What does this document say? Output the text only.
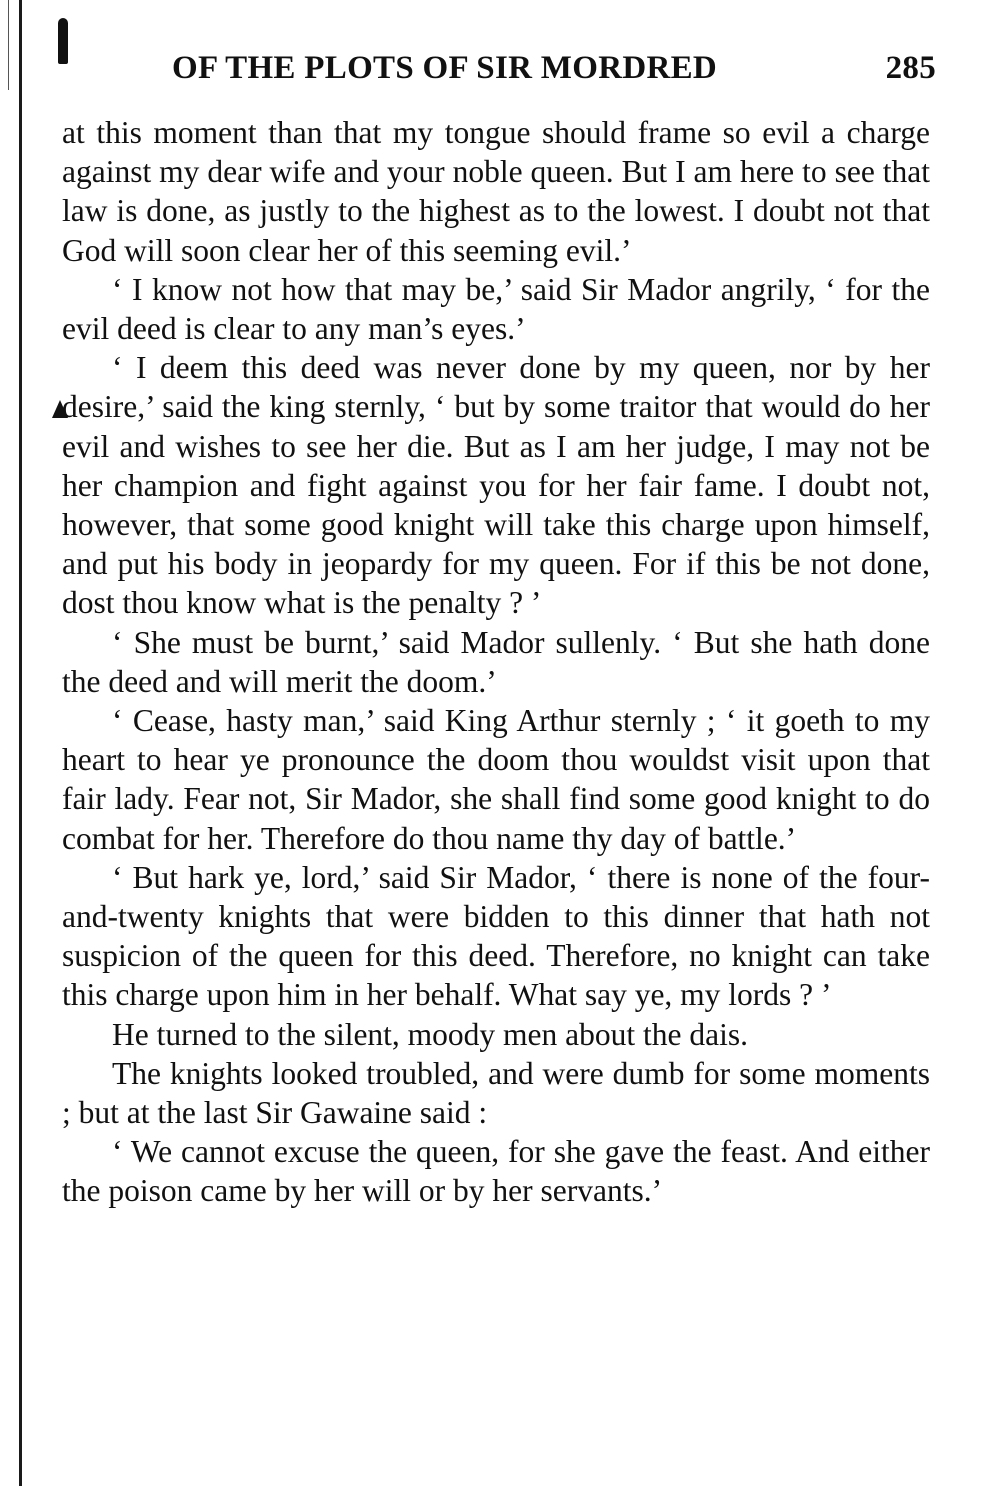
OF THE PLOTS OF SIR MORDRED	285

at this moment than that my tongue should frame so evil a charge against my dear wife and your noble queen. But I am here to see that law is done, as justly to the highest as to the lowest. I doubt not that God will soon clear her of this seeming evil.’

‘ I know not how that may be,’ said Sir Mador angrily, ‘ for the evil deed is clear to any man’s eyes.’

‘ I deem this deed was never done by my queen, nor by her desire,’ said the king sternly, ‘ but by some traitor that would do her evil and wishes to see her die. But as I am her judge, I may not be her champion and fight against you for her fair fame. I doubt not, however, that some good knight will take this charge upon himself, and put his body in jeopardy for my queen. For if this be not done, dost thou know what is the penalty ? ’

‘ She must be burnt,’ said Mador sullenly. ‘ But she hath done the deed and will merit the doom.’

‘ Cease, hasty man,’ said King Arthur sternly ; ‘ it goeth to my heart to hear ye pronounce the doom thou wouldst visit upon that fair lady. Fear not, Sir Mador, she shall find some good knight to do combat for her. Therefore do thou name thy day of battle.’

‘ But hark ye, lord,’ said Sir Mador, ‘ there is none of the four-and-twenty knights that were bidden to this dinner that hath not suspicion of the queen for this deed. Therefore, no knight can take this charge upon him in her behalf. What say ye, my lords ? ’

He turned to the silent, moody men about the dais.

The knights looked troubled, and were dumb for some moments ; but at the last Sir Gawaine said :

‘ We cannot excuse the queen, for she gave the feast. And either the poison came by her will or by her servants.’
